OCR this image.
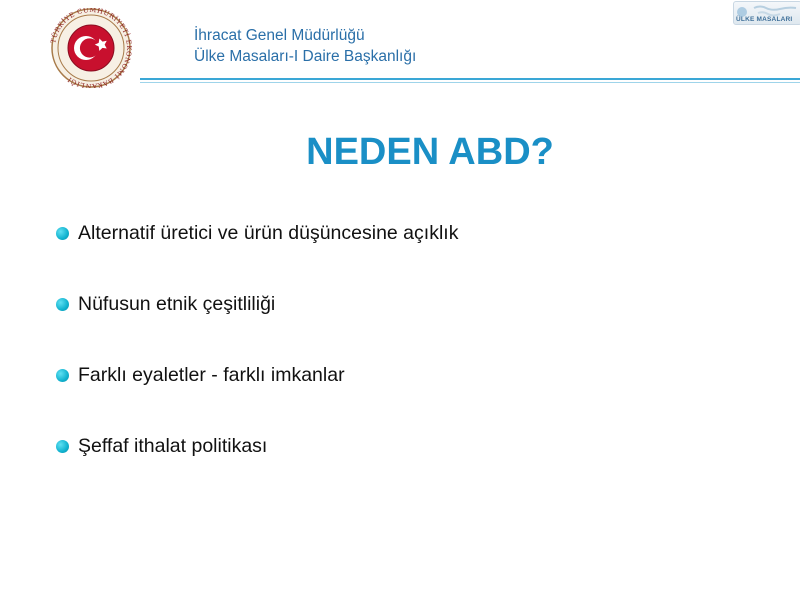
TÜRKİYE CUMHURİYETİ EKONOMİ BAKANLIĞI
İhracat Genel Müdürlüğü
Ülke Masaları-I Daire Başkanlığı
ÜLKE MASALARI
NEDEN ABD?
Alternatif üretici ve ürün düşüncesine açıklık
Nüfusun etnik çeşitliliği
Farklı eyaletler - farklı imkanlar
Şeffaf ithalat politikası
